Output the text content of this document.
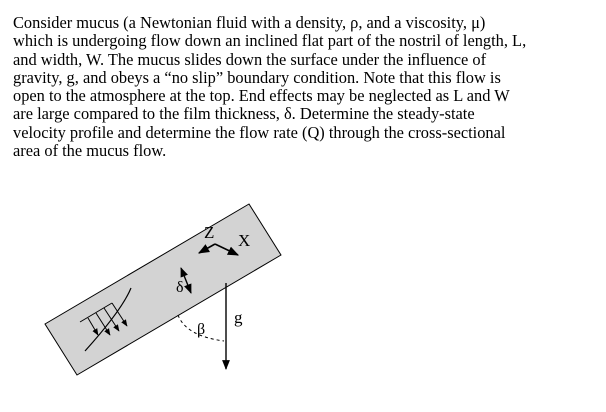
Consider mucus (a Newtonian fluid with a density, ρ, and a viscosity, μ)
which is undergoing flow down an inclined flat part of the nostril of length, L,
and width, W. The mucus slides down the surface under the influence of
gravity, g, and obeys a “no slip” boundary condition. Note that this flow is
open to the atmosphere at the top. End effects may be neglected as L and W
are large compared to the film thickness, δ. Determine the steady-state
velocity profile and determine the flow rate (Q) through the cross-sectional
area of the mucus flow.
Z X
δ
g
β
